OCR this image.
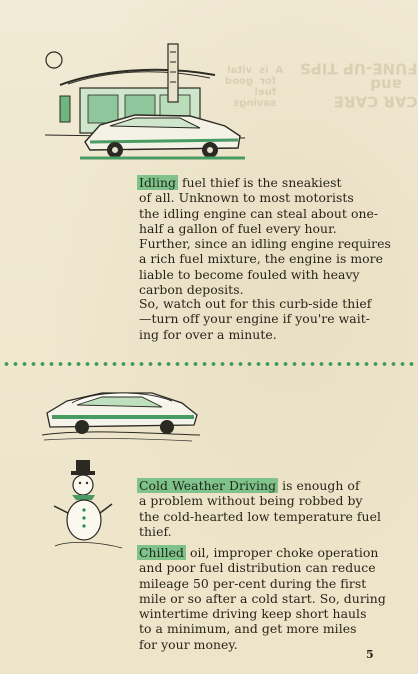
CAR CARE
and
FUNE-UP TIPS
A  is  vital
for  good
fuel
savings
Idling fuel thief is the sneakiest
of all. Unknown to most motorists
the idling engine can steal about one-
half a gallon of fuel every hour.
Further, since an idling engine requires
a rich fuel mixture, the engine is more
liable to become fouled with heavy
carbon deposits.
So, watch out for this curb-side thief
—turn off your engine if you're wait-
ing for over a minute.
Cold Weather Driving is enough of
a problem without being robbed by
the cold-hearted low temperature fuel
thief.
Chilled oil, improper choke operation
and poor fuel distribution can reduce
mileage 50 per-cent during the first
mile or so after a cold start. So, during
wintertime driving keep short hauls
to a minimum, and get more miles
for your money.
5
